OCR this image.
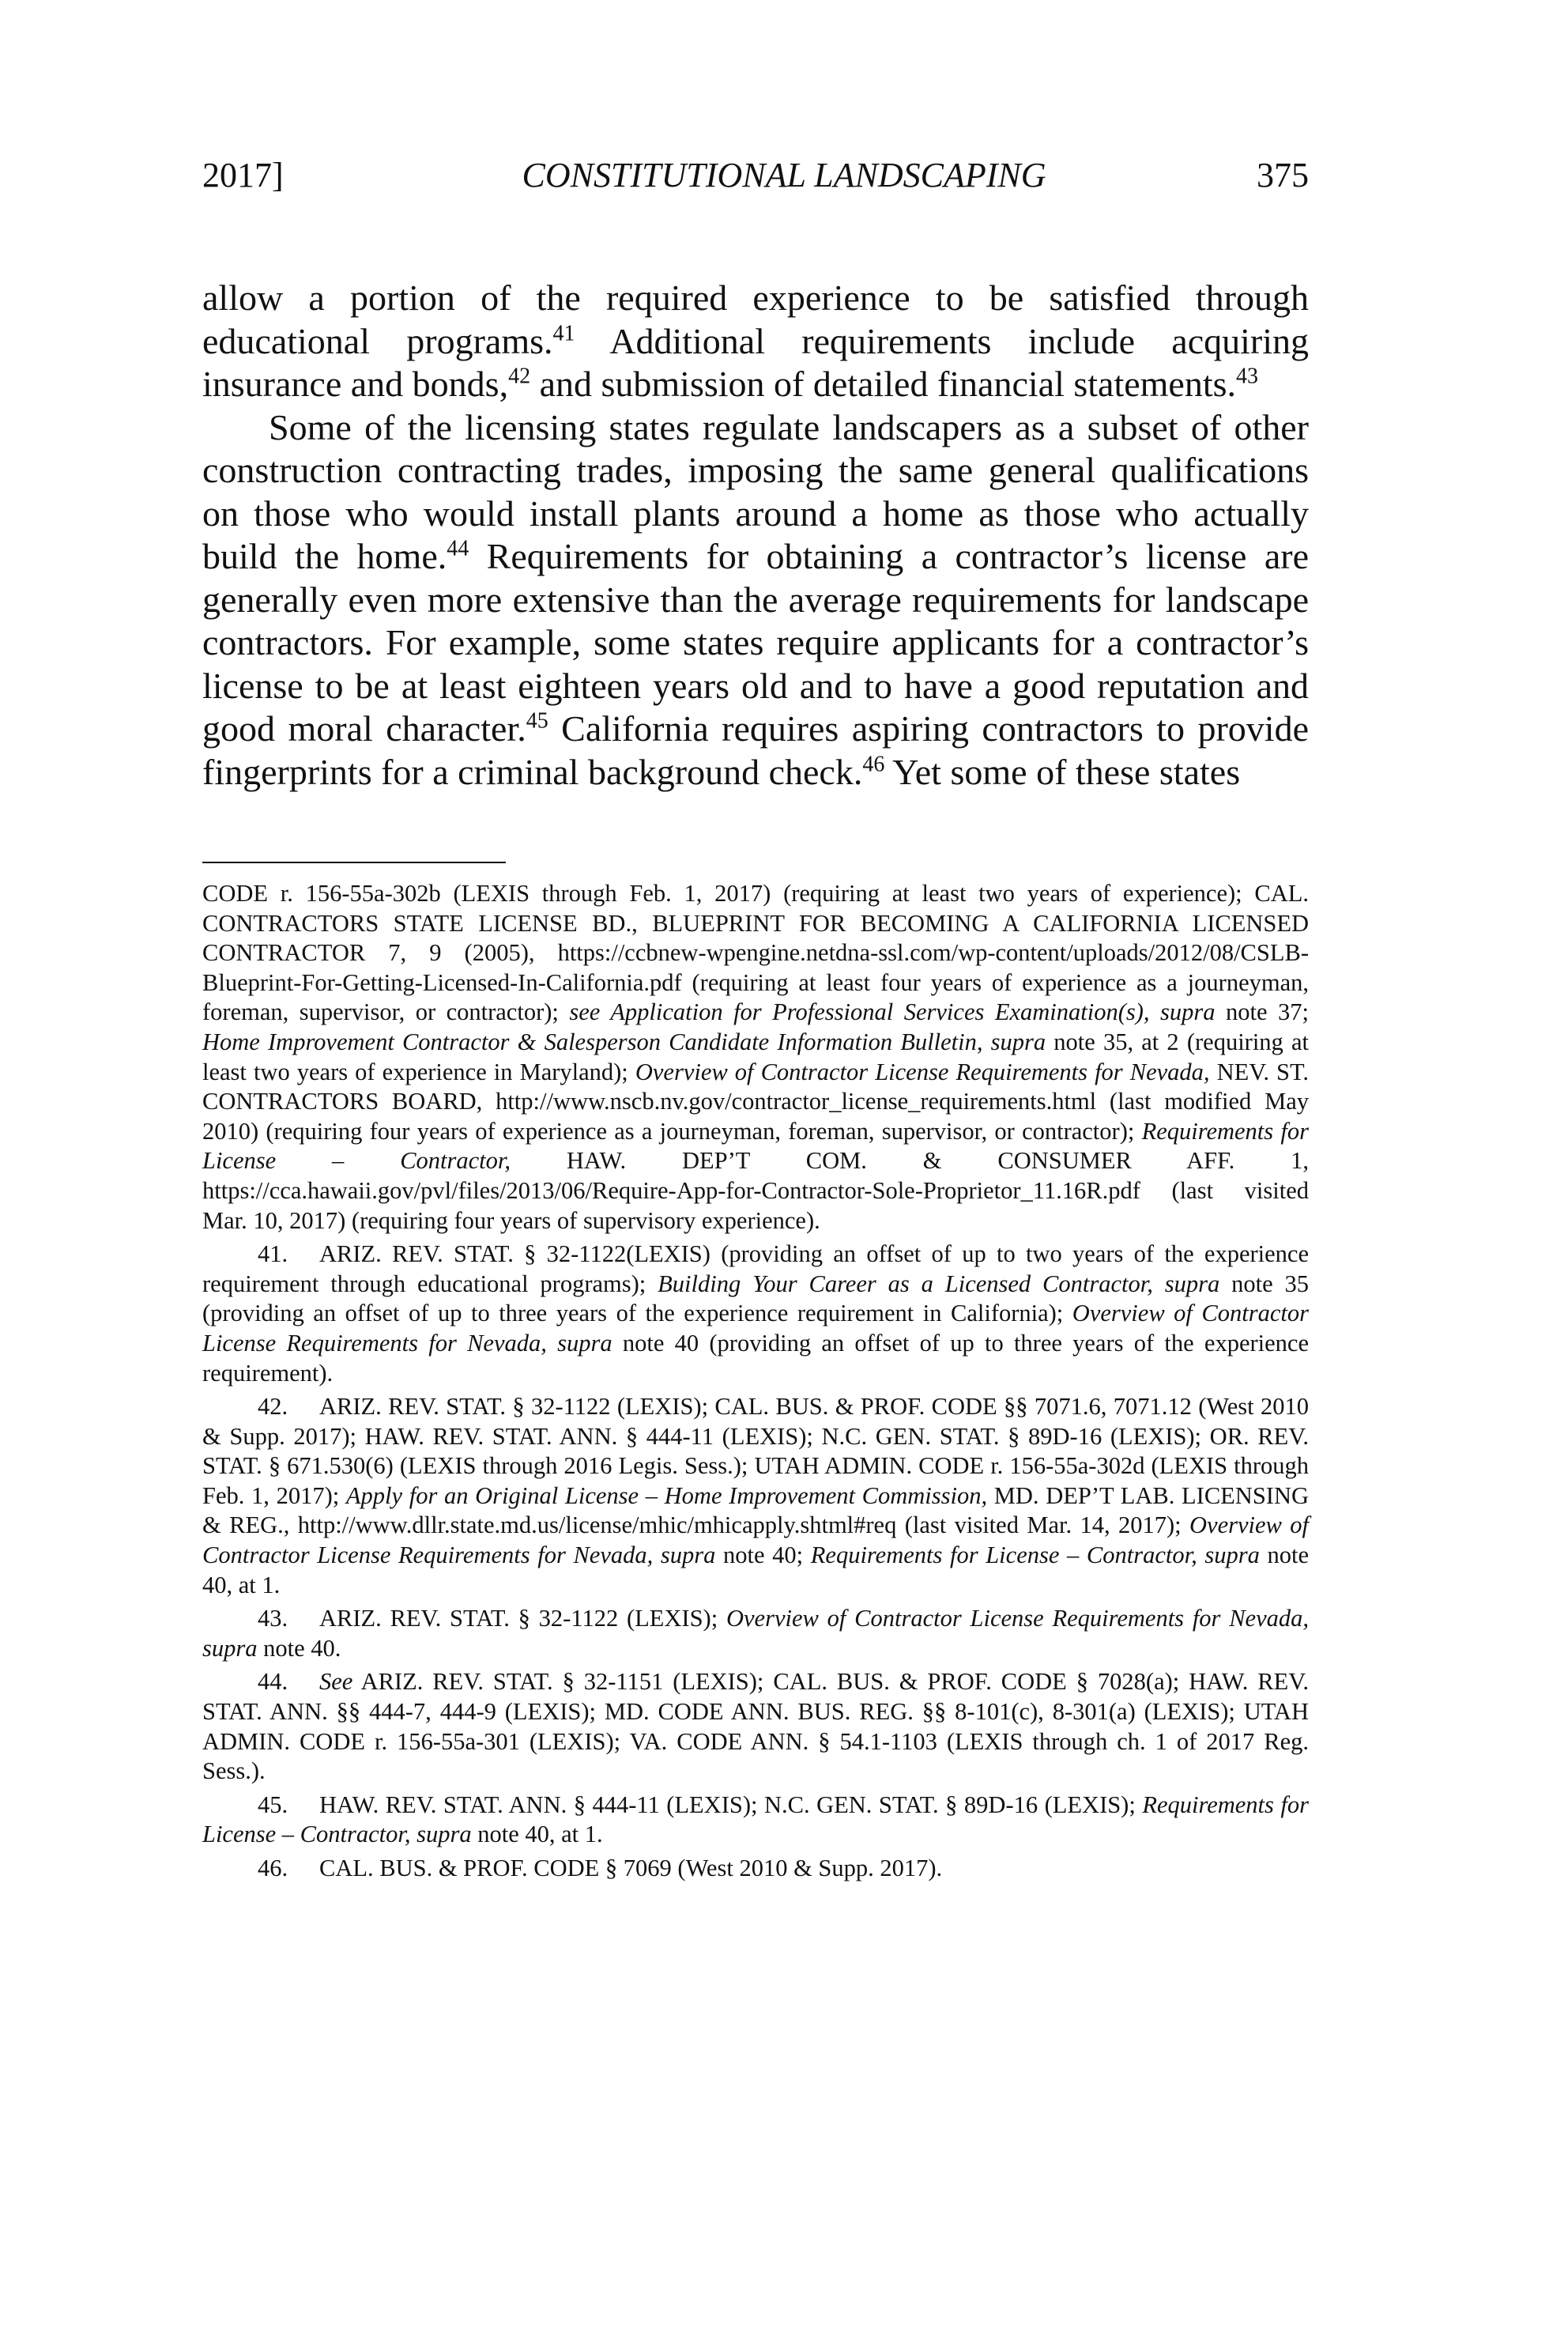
2017]	CONSTITUTIONAL LANDSCAPING	375

allow a portion of the required experience to be satisfied through educational programs.$^{41}$ Additional requirements include acquiring insurance and bonds,$^{42}$ and submission of detailed financial statements.$^{43}$

Some of the licensing states regulate landscapers as a subset of other construction contracting trades, imposing the same general qualifications on those who would install plants around a home as those who actually build the home.$^{44}$ Requirements for obtaining a contractor’s license are generally even more extensive than the average requirements for landscape contractors. For example, some states require applicants for a contractor’s license to be at least eighteen years old and to have a good reputation and good moral character.$^{45}$ California requires aspiring contractors to provide fingerprints for a criminal background check.$^{46}$ Yet some of these states

CODE r. 156-55a-302b (LEXIS through Feb. 1, 2017) (requiring at least two years of experience); CAL. CONTRACTORS STATE LICENSE BD., BLUEPRINT FOR BECOMING A CALIFORNIA LICENSED CONTRACTOR 7, 9 (2005), https://ccbnew-wpengine.netdna-ssl.com/wp-content/uploads/2012/08/CSLB-Blueprint-For-Getting-Licensed-In-California.pdf (requiring at least four years of experience as a journeyman, foreman, supervisor, or contractor); see Application for Professional Services Examination(s), supra note 37; Home Improvement Contractor & Salesperson Candidate Information Bulletin, supra note 35, at 2 (requiring at least two years of experience in Maryland); Overview of Contractor License Requirements for Nevada, NEV. ST. CONTRACTORS BOARD, http://www.nscb.nv.gov/contractor_license_requirements.html (last modified May 2010) (requiring four years of experience as a journeyman, foreman, supervisor, or contractor); Requirements for License – Contractor, HAW. DEP’T COM. & CONSUMER AFF. 1, https://cca.hawaii.gov/pvl/files/2013/06/Require-App-for-Contractor-Sole-Proprietor_11.16R.pdf (last visited Mar. 10, 2017) (requiring four years of supervisory experience).

41. ARIZ. REV. STAT. § 32-1122(LEXIS) (providing an offset of up to two years of the experience requirement through educational programs); Building Your Career as a Licensed Contractor, supra note 35 (providing an offset of up to three years of the experience requirement in California); Overview of Contractor License Requirements for Nevada, supra note 40 (providing an offset of up to three years of the experience requirement).

42. ARIZ. REV. STAT. § 32-1122 (LEXIS); CAL. BUS. & PROF. CODE §§ 7071.6, 7071.12 (West 2010 & Supp. 2017); HAW. REV. STAT. ANN. § 444-11 (LEXIS); N.C. GEN. STAT. § 89D-16 (LEXIS); OR. REV. STAT. § 671.530(6) (LEXIS through 2016 Legis. Sess.); UTAH ADMIN. CODE r. 156-55a-302d (LEXIS through Feb. 1, 2017); Apply for an Original License – Home Improvement Commission, MD. DEP’T LAB. LICENSING & REG., http://www.dllr.state.md.us/license/mhic/mhicapply.shtml#req (last visited Mar. 14, 2017); Overview of Contractor License Requirements for Nevada, supra note 40; Requirements for License – Contractor, supra note 40, at 1.

43. ARIZ. REV. STAT. § 32-1122 (LEXIS); Overview of Contractor License Requirements for Nevada, supra note 40.

44. See ARIZ. REV. STAT. § 32-1151 (LEXIS); CAL. BUS. & PROF. CODE § 7028(a); HAW. REV. STAT. ANN. §§ 444-7, 444-9 (LEXIS); MD. CODE ANN. BUS. REG. §§ 8-101(c), 8-301(a) (LEXIS); UTAH ADMIN. CODE r. 156-55a-301 (LEXIS); VA. CODE ANN. § 54.1-1103 (LEXIS through ch. 1 of 2017 Reg. Sess.).

45. HAW. REV. STAT. ANN. § 444-11 (LEXIS); N.C. GEN. STAT. § 89D-16 (LEXIS); Requirements for License – Contractor, supra note 40, at 1.

46. CAL. BUS. & PROF. CODE § 7069 (West 2010 & Supp. 2017).
